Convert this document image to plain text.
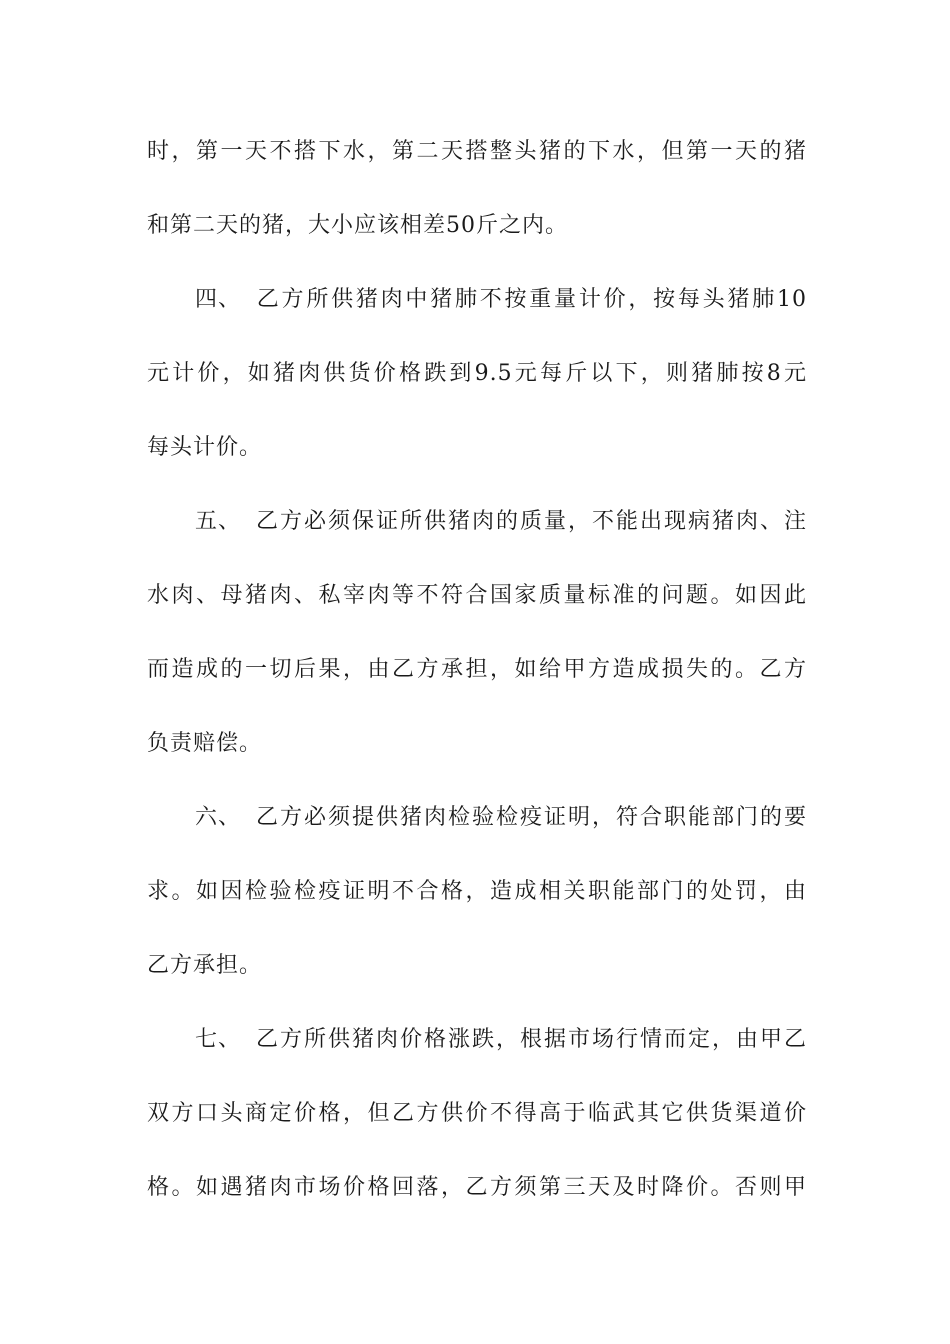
时，第一天不搭下水，第二天搭整头猪的下水，但第一天的猪
和第二天的猪，大小应该相差50斤之内。
四、 乙方所供猪肉中猪肺不按重量计价，按每头猪肺10
元计价，如猪肉供货价格跌到9.5元每斤以下，则猪肺按8元
每头计价。
五、 乙方必须保证所供猪肉的质量，不能出现病猪肉、注
水肉、母猪肉、私宰肉等不符合国家质量标准的问题。如因此
而造成的一切后果，由乙方承担，如给甲方造成损失的。乙方
负责赔偿。
六、 乙方必须提供猪肉检验检疫证明，符合职能部门的要
求。如因检验检疫证明不合格，造成相关职能部门的处罚，由
乙方承担。
七、 乙方所供猪肉价格涨跌，根据市场行情而定，由甲乙
双方口头商定价格，但乙方供价不得高于临武其它供货渠道价
格。如遇猪肉市场价格回落，乙方须第三天及时降价。否则甲
